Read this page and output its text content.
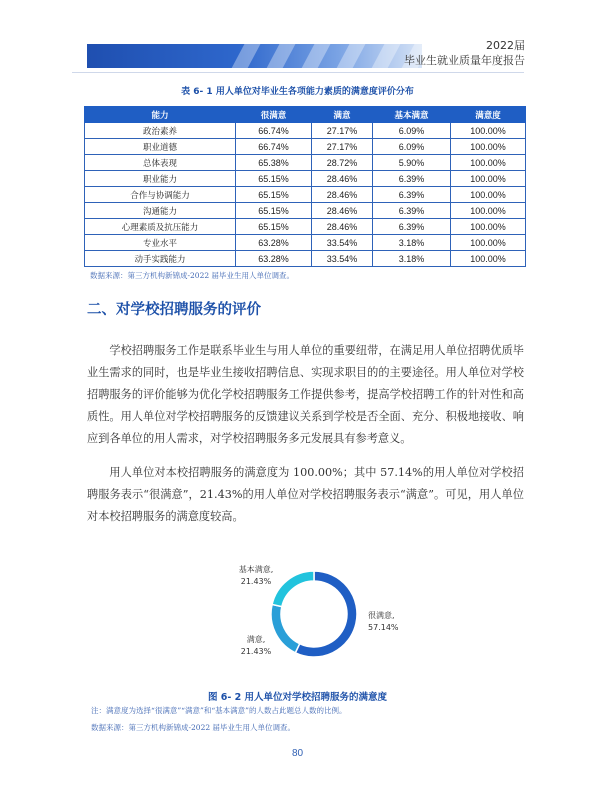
2022届
毕业生就业质量年度报告
表 6- 1 用人单位对毕业生各项能力素质的满意度评价分布
能力	很满意	满意	基本满意	满意度
政治素养	66.74%	27.17%	6.09%	100.00%
职业道德	66.74%	27.17%	6.09%	100.00%
总体表现	65.38%	28.72%	5.90%	100.00%
职业能力	65.15%	28.46%	6.39%	100.00%
合作与协调能力	65.15%	28.46%	6.39%	100.00%
沟通能力	65.15%	28.46%	6.39%	100.00%
心理素质及抗压能力	65.15%	28.46%	6.39%	100.00%
专业水平	63.28%	33.54%	3.18%	100.00%
动手实践能力	63.28%	33.54%	3.18%	100.00%
数据来源：第三方机构新锦成-2022 届毕业生用人单位调查。
二、对学校招聘服务的评价
学校招聘服务工作是联系毕业生与用人单位的重要纽带，在满足用人单位招聘优质毕业生需求的同时，也是毕业生接收招聘信息、实现求职目的的主要途径。用人单位对学校招聘服务的评价能够为优化学校招聘服务工作提供参考，提高学校招聘工作的针对性和高质性。用人单位对学校招聘服务的反馈建议关系到学校是否全面、充分、积极地接收、响应到各单位的用人需求，对学校招聘服务多元发展具有参考意义。
用人单位对本校招聘服务的满意度为 100.00%；其中 57.14%的用人单位对学校招聘服务表示“很满意”，21.43%的用人单位对学校招聘服务表示“满意”。可见，用人单位对本校招聘服务的满意度较高。
很满意,
57.14%
满意,
21.43%
基本满意,
21.43%
图 6- 2 用人单位对学校招聘服务的满意度
注：满意度为选择“很满意”“满意”和“基本满意”的人数占此题总人数的比例。
数据来源：第三方机构新锦成-2022 届毕业生用人单位调查。
80
